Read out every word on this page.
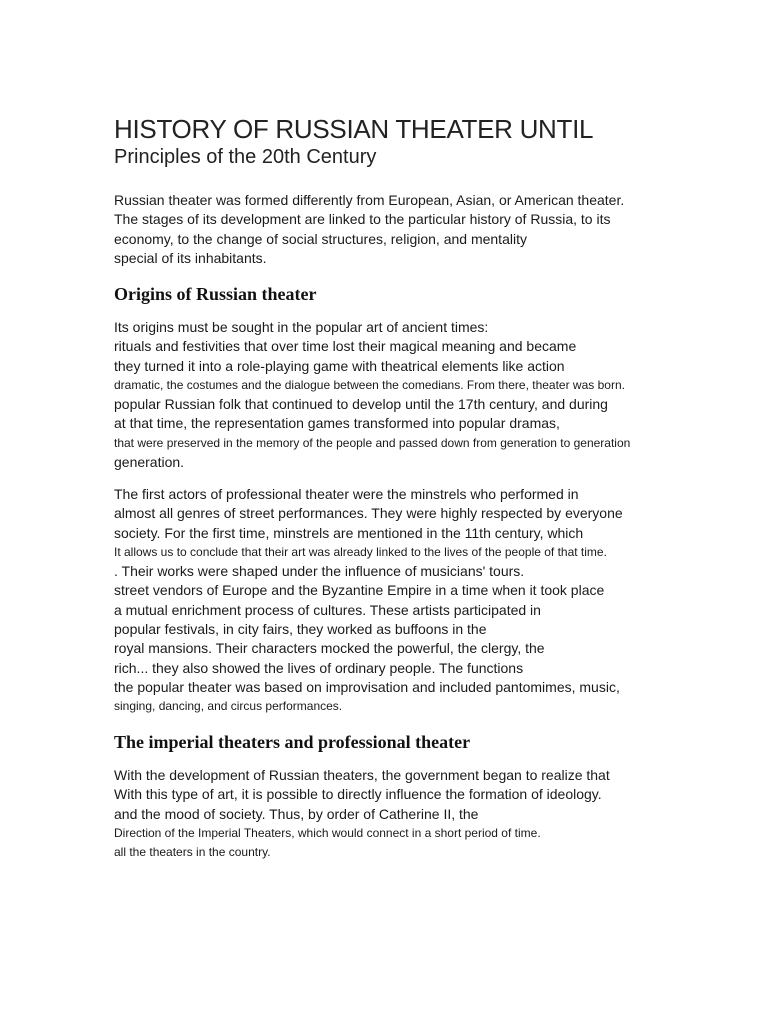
HISTORY OF RUSSIAN THEATER UNTIL
Principles of the 20th Century
Russian theater was formed differently from European, Asian, or American theater.
The stages of its development are linked to the particular history of Russia, to its
economy, to the change of social structures, religion, and mentality
special of its inhabitants.
Origins of Russian theater
Its origins must be sought in the popular art of ancient times:
rituals and festivities that over time lost their magical meaning and became
they turned it into a role-playing game with theatrical elements like action
dramatic, the costumes and the dialogue between the comedians. From there, theater was born.
popular Russian folk that continued to develop until the 17th century, and during
at that time, the representation games transformed into popular dramas,
that were preserved in the memory of the people and passed down from generation to generation
generation.
The first actors of professional theater were the minstrels who performed in
almost all genres of street performances. They were highly respected by everyone
society. For the first time, minstrels are mentioned in the 11th century, which
It allows us to conclude that their art was already linked to the lives of the people of that time.
. Their works were shaped under the influence of musicians' tours.
street vendors of Europe and the Byzantine Empire in a time when it took place
a mutual enrichment process of cultures. These artists participated in
popular festivals, in city fairs, they worked as buffoons in the
royal mansions. Their characters mocked the powerful, the clergy, the
rich... they also showed the lives of ordinary people. The functions
the popular theater was based on improvisation and included pantomimes, music,
singing, dancing, and circus performances.
The imperial theaters and professional theater
With the development of Russian theaters, the government began to realize that
With this type of art, it is possible to directly influence the formation of ideology.
and the mood of society. Thus, by order of Catherine II, the
Direction of the Imperial Theaters, which would connect in a short period of time.
all the theaters in the country.
